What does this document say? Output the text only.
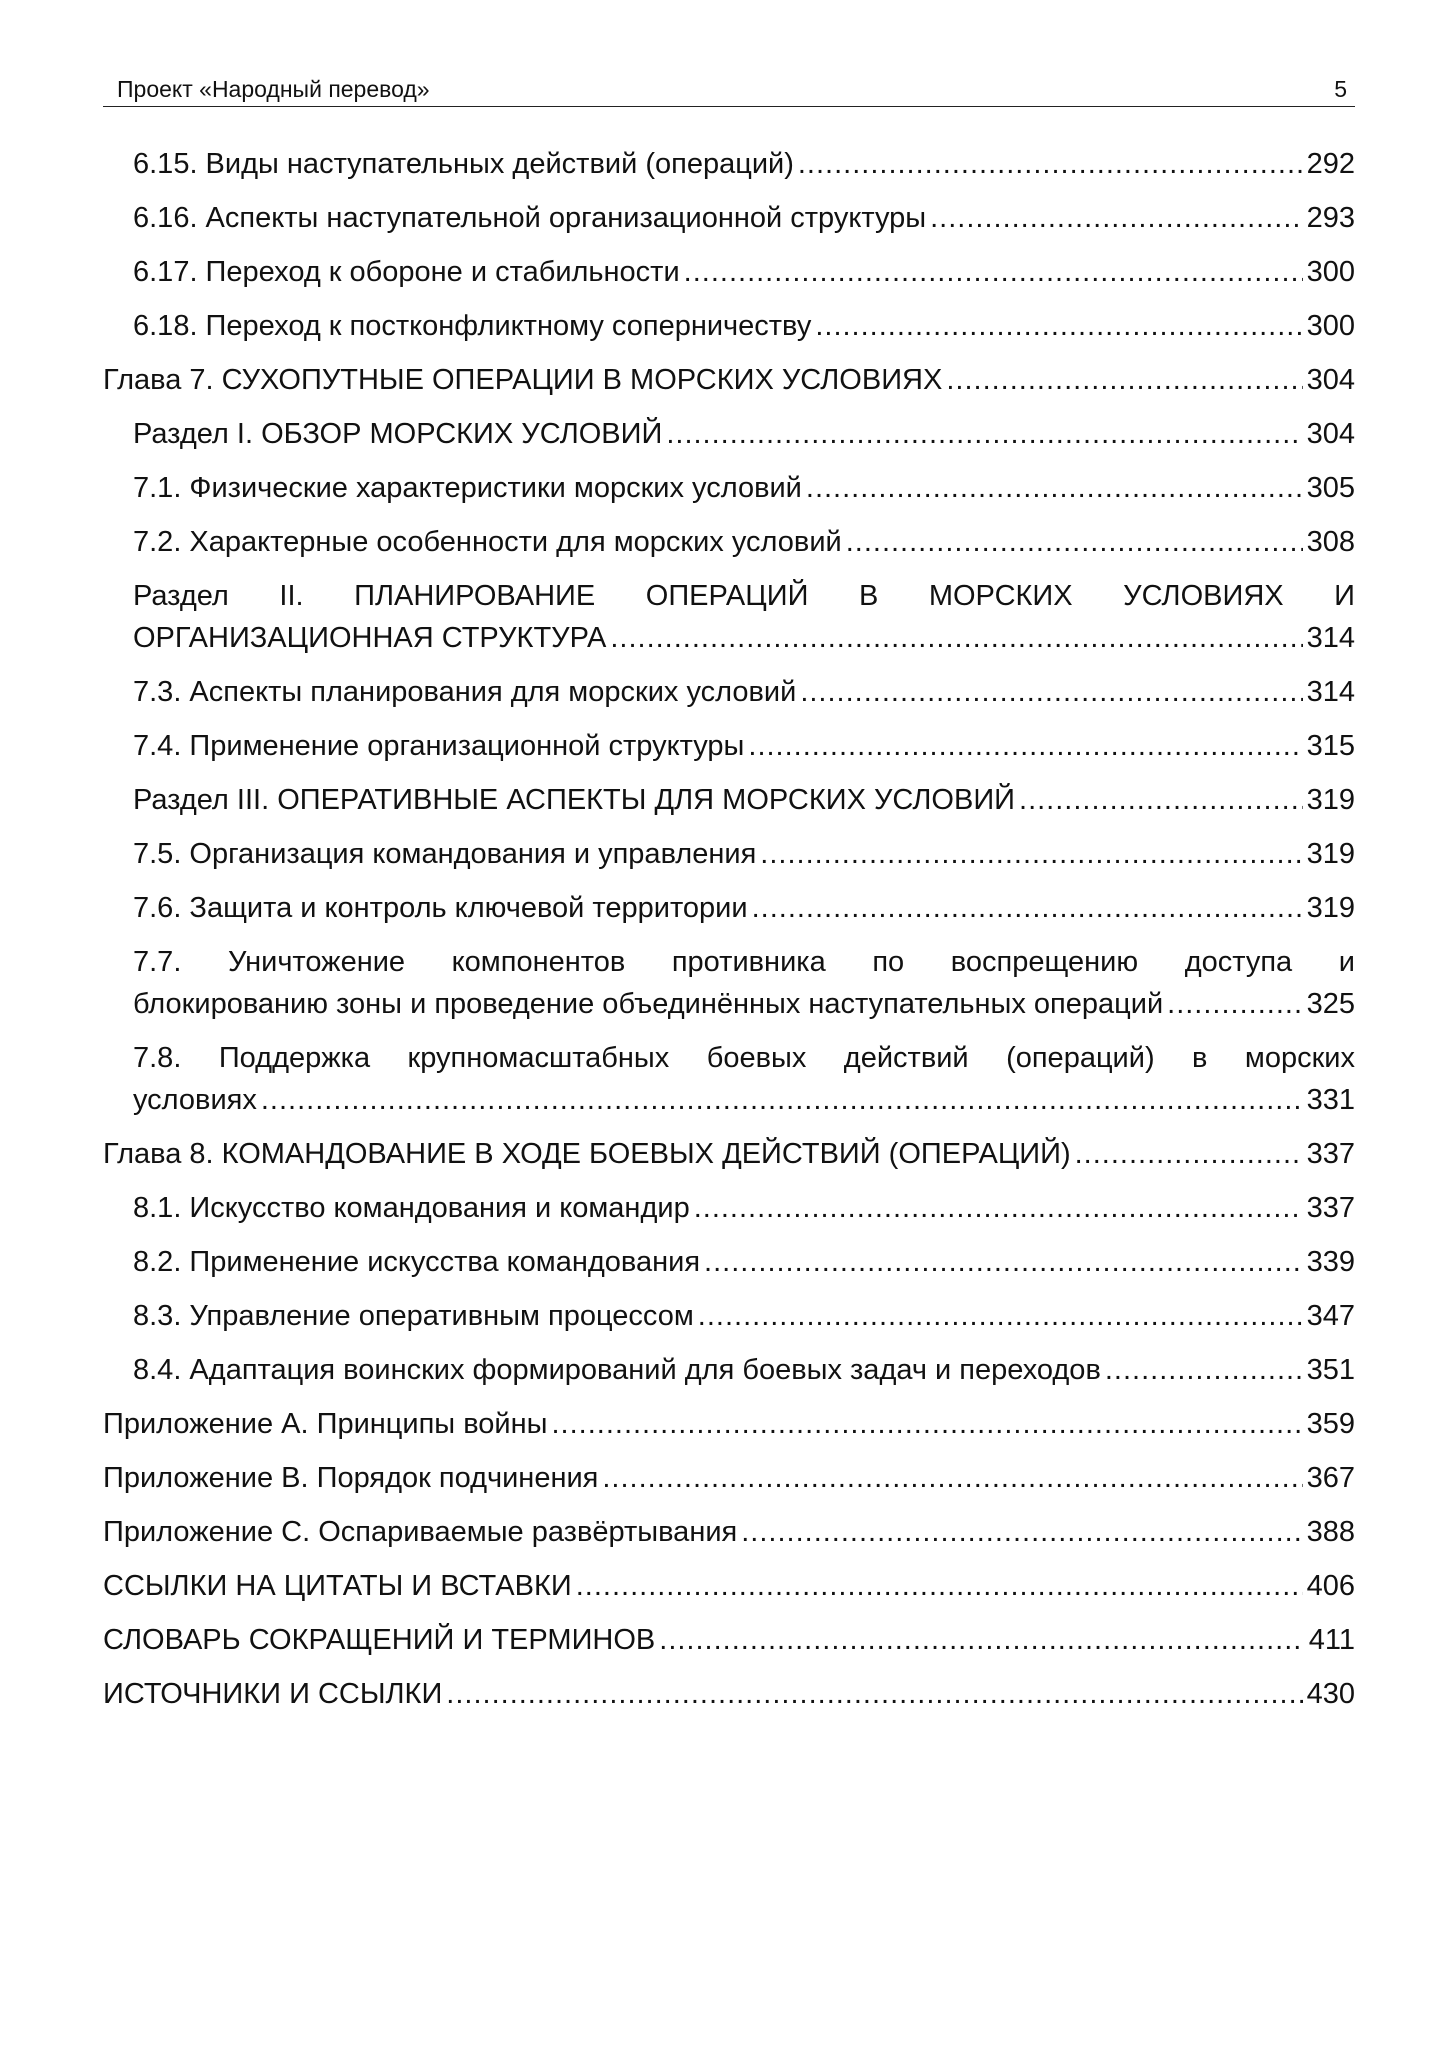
Проект «Народный перевод»	5
6.15. Виды наступательных действий (операций) .....	292
6.16. Аспекты наступательной организационной структуры .....	293
6.17. Переход к обороне и стабильности .....	300
6.18. Переход к постконфликтному соперничеству .....	300
Глава 7. СУХОПУТНЫЕ ОПЕРАЦИИ В МОРСКИХ УСЛОВИЯХ .....	304
Раздел I. ОБЗОР МОРСКИХ УСЛОВИЙ .....	304
7.1. Физические характеристики морских условий .....	305
7.2. Характерные особенности для морских условий .....	308
Раздел II. ПЛАНИРОВАНИЕ ОПЕРАЦИЙ В МОРСКИХ УСЛОВИЯХ И
ОРГАНИЗАЦИОННАЯ СТРУКТУРА .....	314
7.3. Аспекты планирования для морских условий .....	314
7.4. Применение организационной структуры .....	315
Раздел III. ОПЕРАТИВНЫЕ АСПЕКТЫ ДЛЯ МОРСКИХ УСЛОВИЙ .....	319
7.5. Организация командования и управления .....	319
7.6. Защита и контроль ключевой территории .....	319
7.7. Уничтожение компонентов противника по воспрещению доступа и
блокированию зоны и проведение объединённых наступательных операций .....	325
7.8. Поддержка крупномасштабных боевых действий (операций) в морских
условиях .....	331
Глава 8. КОМАНДОВАНИЕ В ХОДЕ БОЕВЫХ ДЕЙСТВИЙ (ОПЕРАЦИЙ) .....	337
8.1. Искусство командования и командир .....	337
8.2. Применение искусства командования .....	339
8.3. Управление оперативным процессом .....	347
8.4. Адаптация воинских формирований для боевых задач и переходов .....	351
Приложение А. Принципы войны .....	359
Приложение В. Порядок подчинения .....	367
Приложение С. Оспариваемые развёртывания .....	388
ССЫЛКИ НА ЦИТАТЫ И ВСТАВКИ .....	406
СЛОВАРЬ СОКРАЩЕНИЙ И ТЕРМИНОВ .....	411
ИСТОЧНИКИ И ССЫЛКИ .....	430
